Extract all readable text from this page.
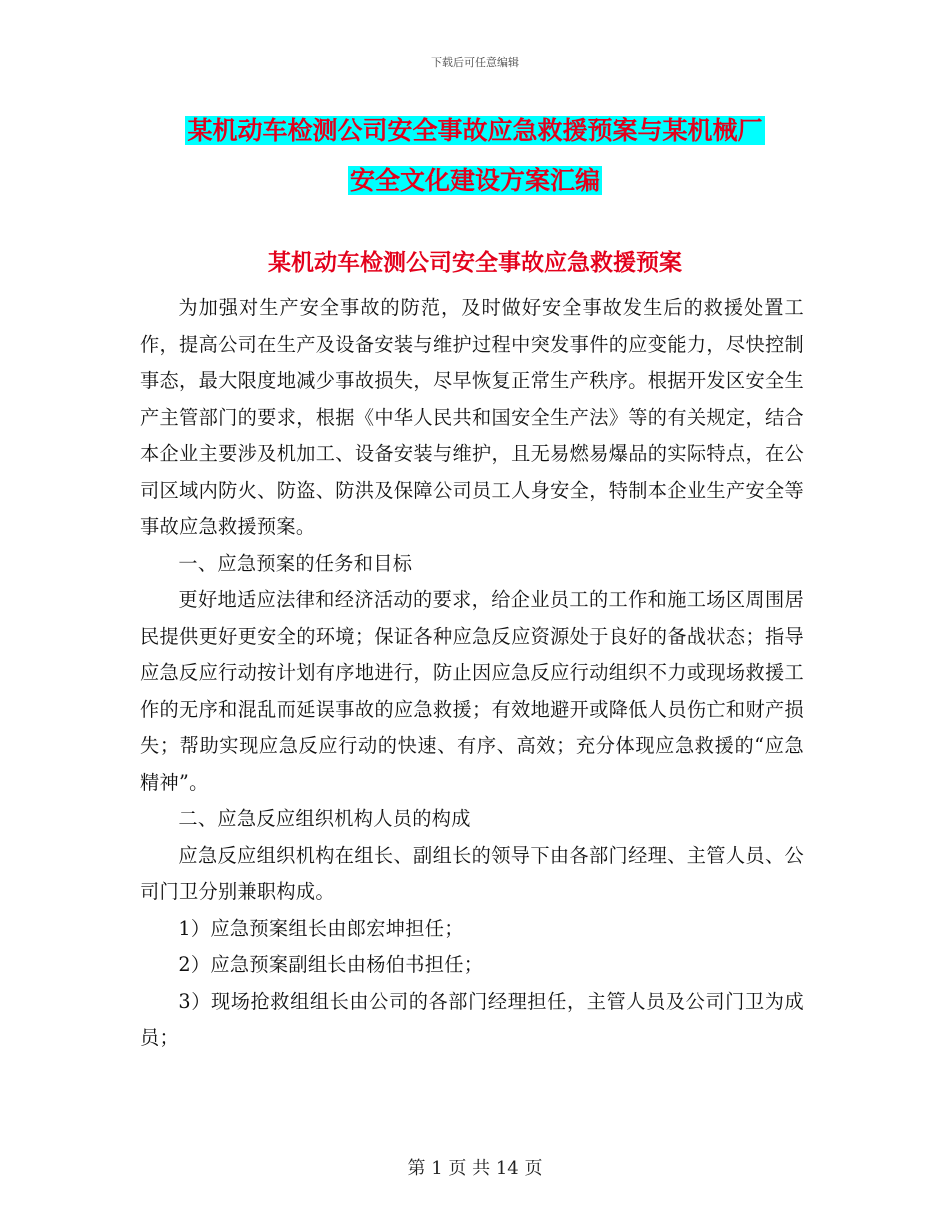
下载后可任意编辑
某机动车检测公司安全事故应急救援预案与某机械厂
安全文化建设方案汇编
某机动车检测公司安全事故应急救援预案

为加强对生产安全事故的防范，及时做好安全事故发生后的救援处置工作，提高公司在生产及设备安装与维护过程中突发事件的应变能力，尽快控制事态，最大限度地减少事故损失，尽早恢复正常生产秩序。根据开发区安全生产主管部门的要求，根据《中华人民共和国安全生产法》等的有关规定，结合本企业主要涉及机加工、设备安装与维护，且无易燃易爆品的实际特点，在公司区域内防火、防盗、防洪及保障公司员工人身安全，特制本企业生产安全等事故应急救援预案。

一、应急预案的任务和目标

更好地适应法律和经济活动的要求，给企业员工的工作和施工场区周围居民提供更好更安全的环境；保证各种应急反应资源处于良好的备战状态；指导应急反应行动按计划有序地进行，防止因应急反应行动组织不力或现场救援工作的无序和混乱而延误事故的应急救援；有效地避开或降低人员伤亡和财产损失；帮助实现应急反应行动的快速、有序、高效；充分体现应急救援的“应急精神”。

二、应急反应组织机构人员的构成

应急反应组织机构在组长、副组长的领导下由各部门经理、主管人员、公司门卫分别兼职构成。

1）应急预案组长由郎宏坤担任；

2）应急预案副组长由杨伯书担任；

3）现场抢救组组长由公司的各部门经理担任，主管人员及公司门卫为成员；

第 1 页 共 14 页
